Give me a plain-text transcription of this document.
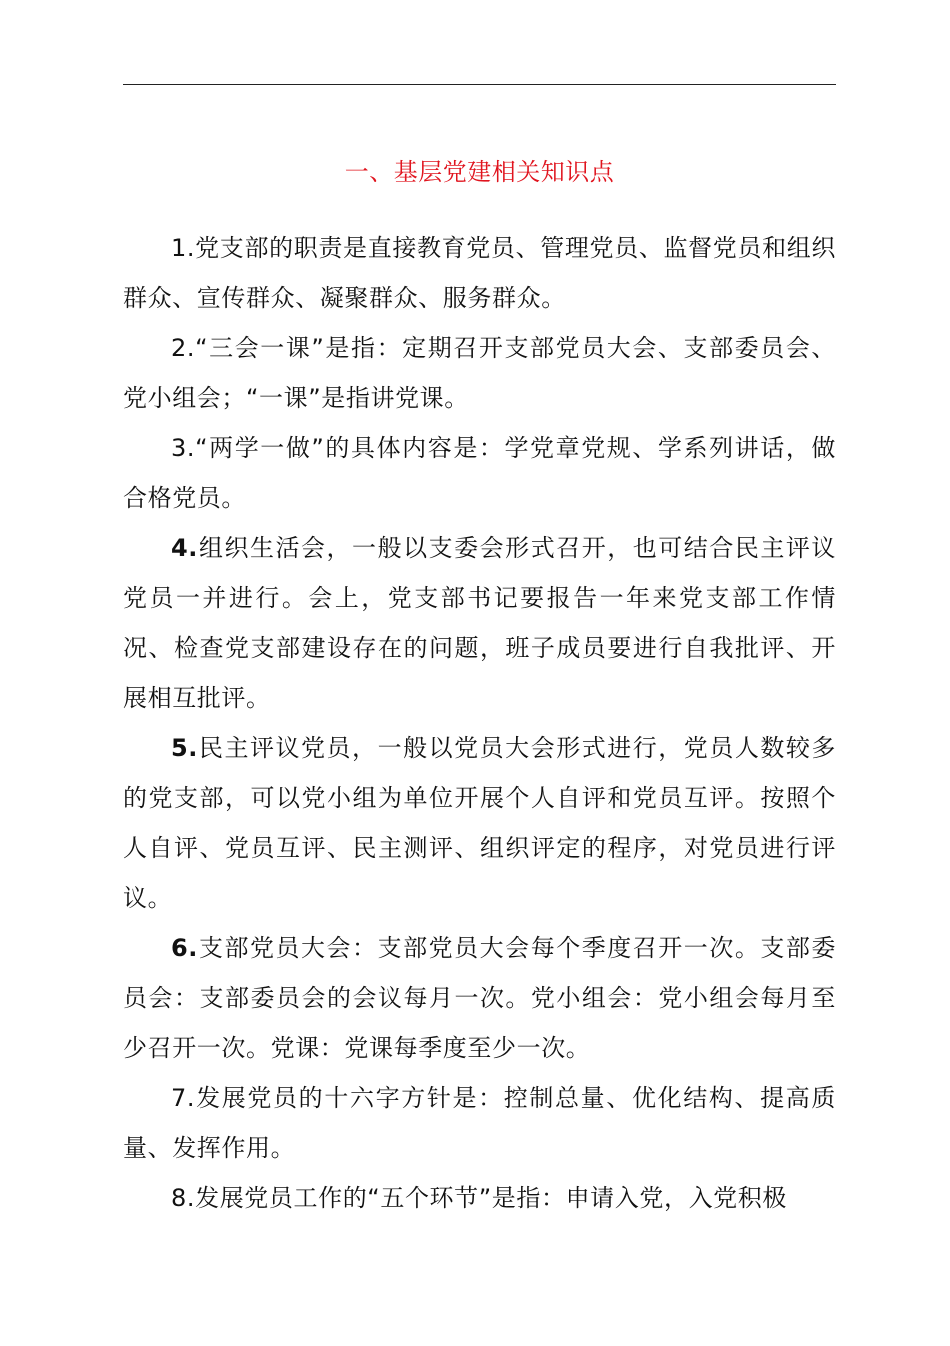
一、基层党建相关知识点

1.党支部的职责是直接教育党员、管理党员、监督党员和组织群众、宣传群众、凝聚群众、服务群众。

2.“三会一课”是指：定期召开支部党员大会、支部委员会、党小组会；“一课”是指讲党课。

3.“两学一做”的具体内容是：学党章党规、学系列讲话，做合格党员。

4.组织生活会，一般以支委会形式召开，也可结合民主评议党员一并进行。会上，党支部书记要报告一年来党支部工作情况、检查党支部建设存在的问题，班子成员要进行自我批评、开展相互批评。

5.民主评议党员，一般以党员大会形式进行，党员人数较多的党支部，可以党小组为单位开展个人自评和党员互评。按照个人自评、党员互评、民主测评、组织评定的程序，对党员进行评议。

6.支部党员大会：支部党员大会每个季度召开一次。支部委员会：支部委员会的会议每月一次。党小组会：党小组会每月至少召开一次。党课：党课每季度至少一次。

7.发展党员的十六字方针是：控制总量、优化结构、提高质量、发挥作用。

8.发展党员工作的“五个环节”是指：申请入党，入党积极
